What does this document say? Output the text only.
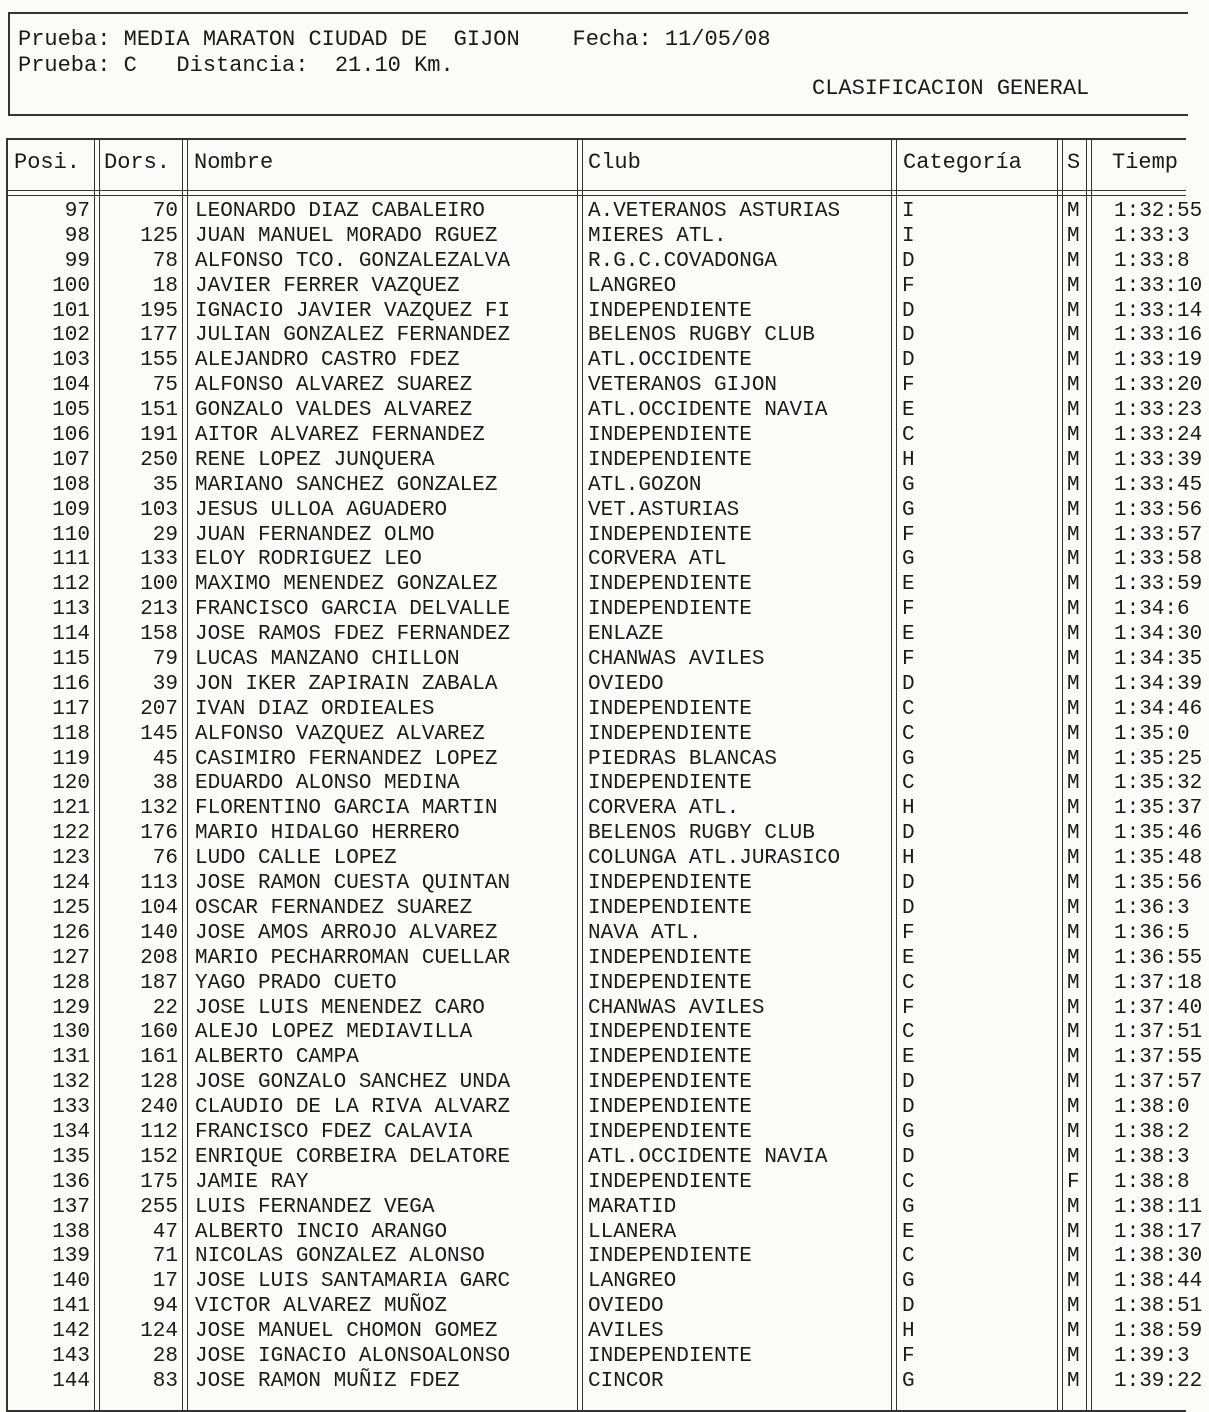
Prueba: MEDIA MARATON CIUDAD DE  GIJON    Fecha: 11/05/08
Prueba: C   Distancia:  21.10 Km.
CLASIFICACION GENERAL
Posi. Dors. Nombre	Club	Categoría S Tiemp
97	70 LEONARDO DIAZ CABALEIRO	A.VETERANOS ASTURIAS	I	M 1:32:55
98	125 JUAN MANUEL MORADO RGUEZ	MIERES ATL.	I	M 1:33:3
99	78 ALFONSO TCO. GONZALEZALVA	R.G.C.COVADONGA	D	M 1:33:8
100	18 JAVIER FERRER VAZQUEZ	LANGREO	F	M 1:33:10
101	195 IGNACIO JAVIER VAZQUEZ FI	INDEPENDIENTE	D	M 1:33:14
102	177 JULIAN GONZALEZ FERNANDEZ	BELENOS RUGBY CLUB	D	M 1:33:16
103	155 ALEJANDRO CASTRO FDEZ	ATL.OCCIDENTE	D	M 1:33:19
104	75 ALFONSO ALVAREZ SUAREZ	VETERANOS GIJON	F	M 1:33:20
105	151 GONZALO VALDES ALVAREZ	ATL.OCCIDENTE NAVIA	E	M 1:33:23
106	191 AITOR ALVAREZ FERNANDEZ	INDEPENDIENTE	C	M 1:33:24
107	250 RENE LOPEZ JUNQUERA	INDEPENDIENTE	H	M 1:33:39
108	35 MARIANO SANCHEZ GONZALEZ	ATL.GOZON	G	M 1:33:45
109	103 JESUS ULLOA AGUADERO	VET.ASTURIAS	G	M 1:33:56
110	29 JUAN FERNANDEZ OLMO	INDEPENDIENTE	F	M 1:33:57
111	133 ELOY RODRIGUEZ LEO	CORVERA ATL	G	M 1:33:58
112	100 MAXIMO MENENDEZ GONZALEZ	INDEPENDIENTE	E	M 1:33:59
113	213 FRANCISCO GARCIA DELVALLE	INDEPENDIENTE	F	M 1:34:6
114	158 JOSE RAMOS FDEZ FERNANDEZ	ENLAZE	E	M 1:34:30
115	79 LUCAS MANZANO CHILLON	CHANWAS AVILES	F	M 1:34:35
116	39 JON IKER ZAPIRAIN ZABALA	OVIEDO	D	M 1:34:39
117	207 IVAN DIAZ ORDIEALES	INDEPENDIENTE	C	M 1:34:46
118	145 ALFONSO VAZQUEZ ALVAREZ	INDEPENDIENTE	C	M 1:35:0
119	45 CASIMIRO FERNANDEZ LOPEZ	PIEDRAS BLANCAS	G	M 1:35:25
120	38 EDUARDO ALONSO MEDINA	INDEPENDIENTE	C	M 1:35:32
121	132 FLORENTINO GARCIA MARTIN	CORVERA ATL.	H	M 1:35:37
122	176 MARIO HIDALGO HERRERO	BELENOS RUGBY CLUB	D	M 1:35:46
123	76 LUDO CALLE LOPEZ	COLUNGA ATL.JURASICO	H	M 1:35:48
124	113 JOSE RAMON CUESTA QUINTAN	INDEPENDIENTE	D	M 1:35:56
125	104 OSCAR FERNANDEZ SUAREZ	INDEPENDIENTE	D	M 1:36:3
126	140 JOSE AMOS ARROJO ALVAREZ	NAVA ATL.	F	M 1:36:5
127	208 MARIO PECHARROMAN CUELLAR	INDEPENDIENTE	E	M 1:36:55
128	187 YAGO PRADO CUETO	INDEPENDIENTE	C	M 1:37:18
129	22 JOSE LUIS MENENDEZ CARO	CHANWAS AVILES	F	M 1:37:40
130	160 ALEJO LOPEZ MEDIAVILLA	INDEPENDIENTE	C	M 1:37:51
131	161 ALBERTO CAMPA	INDEPENDIENTE	E	M 1:37:55
132	128 JOSE GONZALO SANCHEZ UNDA	INDEPENDIENTE	D	M 1:37:57
133	240 CLAUDIO DE LA RIVA ALVARZ	INDEPENDIENTE	D	M 1:38:0
134	112 FRANCISCO FDEZ CALAVIA	INDEPENDIENTE	G	M 1:38:2
135	152 ENRIQUE CORBEIRA DELATORE	ATL.OCCIDENTE NAVIA	D	M 1:38:3
136	175 JAMIE RAY	INDEPENDIENTE	C	F 1:38:8
137	255 LUIS FERNANDEZ VEGA	MARATID	G	M 1:38:11
138	47 ALBERTO INCIO ARANGO	LLANERA	E	M 1:38:17
139	71 NICOLAS GONZALEZ ALONSO	INDEPENDIENTE	C	M 1:38:30
140	17 JOSE LUIS SANTAMARIA GARC	LANGREO	G	M 1:38:44
141	94 VICTOR ALVAREZ MUÑOZ	OVIEDO	D	M 1:38:51
142	124 JOSE MANUEL CHOMON GOMEZ	AVILES	H	M 1:38:59
143	28 JOSE IGNACIO ALONSOALONSO	INDEPENDIENTE	F	M 1:39:3
144	83 JOSE RAMON MUÑIZ FDEZ	CINCOR	G	M 1:39:22
